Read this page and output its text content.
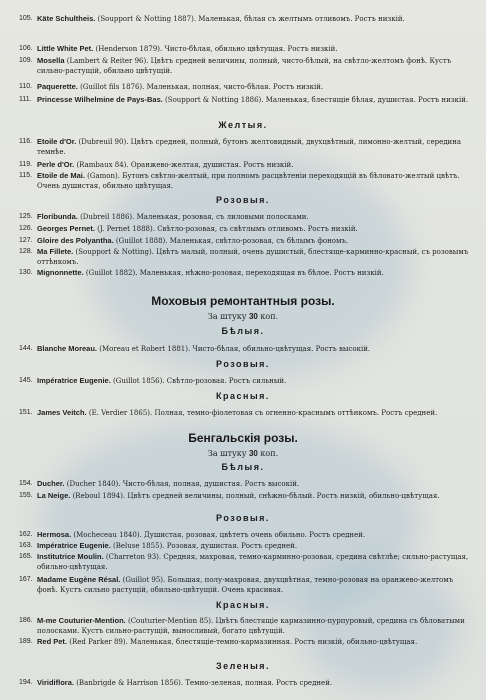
105. Käte Schultheis. (Soupport & Notting 1887). Маленькая, бѣлая съ желтымъ отливомъ. Ростъ низкiй.
106. Little White Pet. (Henderson 1879). Чисто-бѣлая, обильно цвѣтущая. Ростъ низкiй.
109. Mosella (Lambert & Reiter 96). Цвѣтъ средней величины, полный, чисто-бѣлый, на свѣтло-желтомъ фонѣ. Кустъ сильно-растущiй, обильно цвѣтущiй.
110. Paquerette. (Guillot fils 1876). Маленькая, полная, чисто-бѣлая. Ростъ низкiй.
111. Princesse Wilhelmine de Pays-Bas. (Soupport & Notting 1886). Маленькая, блестящiе бѣлая, душистая. Ростъ низкiй.
Желтыя.
116. Etoile d'Or. (Dubreuil 90). Цвѣтъ средней, полный, бутонъ желтовидный, двухцвѣтный, лимонно-желтый, середина темнѣе.
119. Perle d'Or. (Rambaux 84). Оранжево-желтая, душистая. Ростъ низкiй.
115. Etoile de Mai. (Gamon). Бутонъ свѣтло-желтый, при полномъ расцвѣтенiи переходящiй въ бѣловато-желтый цвѣтъ. Очень душистая, обильно цвѣтущая.
Розовыя.
125. Floribunda. (Dubreil 1886). Маленькая, розовая, съ лиловыми полосками.
126. Georges Pernet. (J. Pernet 1888). Свѣтло-розовая, съ свѣтлымъ отливомъ. Ростъ низкiй.
127. Gloire des Polyantha. (Guillot 1888). Маленькая, свѣтло-розовая, съ бѣлымъ фономъ.
128. Ma Fillete. (Soupport & Notting). Цвѣтъ малый, полный, очень душистый, блестяще-карминно-красный, съ розовымъ оттѣнкомъ.
130. Mignonnette. (Guillot 1882). Маленькая, нѣжно-розовая, переходящая въ бѣлое. Ростъ низкiй.
Моховыя ремонтантныя розы.
За штуку 30 коп.
Бѣлыя.
144. Blanche Moreau. (Moreau et Robert 1881). Чисто-бѣлая, обильно-цвѣтущая. Ростъ высокiй.
Розовыя.
145. Impératrice Eugenie. (Guillot 1856). Свѣтло-розовая. Ростъ сильный.
Красныя.
151. James Veitch. (E. Verdier 1865). Полная, темно-фiолетовая съ огненно-краснымъ оттѣнкомъ. Ростъ средней.
Бенгальскiя розы.
За штуку 30 коп.
Бѣлыя.
154. Ducher. (Ducher 1840). Чисто-бѣлая, полная, душистая. Ростъ высокiй.
155. La Neige. (Reboul 1894). Цвѣтъ средней величины, полный, снѣжно-бѣлый. Ростъ низкiй, обильно-цвѣтущая.
Розовыя.
162. Hermosa. (Mocheceau 1840). Душистая, розовая, цвѣтетъ очень обильно. Ростъ средней.
163. Impératrice Eugenie. (Beluse 1855). Розовая, душистая. Ростъ средней.
165. Institutrice Moulin. (Charreton 93). Средняя, махровая, темно-карминно-розовая, средина свѣтлѣе; сильно-растущая, обильно-цвѣтущая.
167. Madame Eugène Résal. (Guillot 95). Большая, полу-махровая, двухцвѣтная, темно-розовая на оранжево-желтомъ фонѣ. Кустъ сильно растущiй, обильно-цвѣтущiй. Очень красивая.
Красныя.
186. M-me Couturier-Mention. (Couturier-Mention 85). Цвѣтъ блестящiе кармазинно-пурпуровый, средина съ бѣловатыми полосками. Кустъ сильно-растущiй, выносливый, богато цвѣтущiй.
189. Red Pet. (Red Parker 89). Маленькая, блестящiе-темно-кармазинная. Ростъ низкiй, обильно-цвѣтущая.
Зеленыя.
194. Viridiflora. (Banbrigde & Harrison 1856). Темно-зеленая, полная. Ростъ средней.
